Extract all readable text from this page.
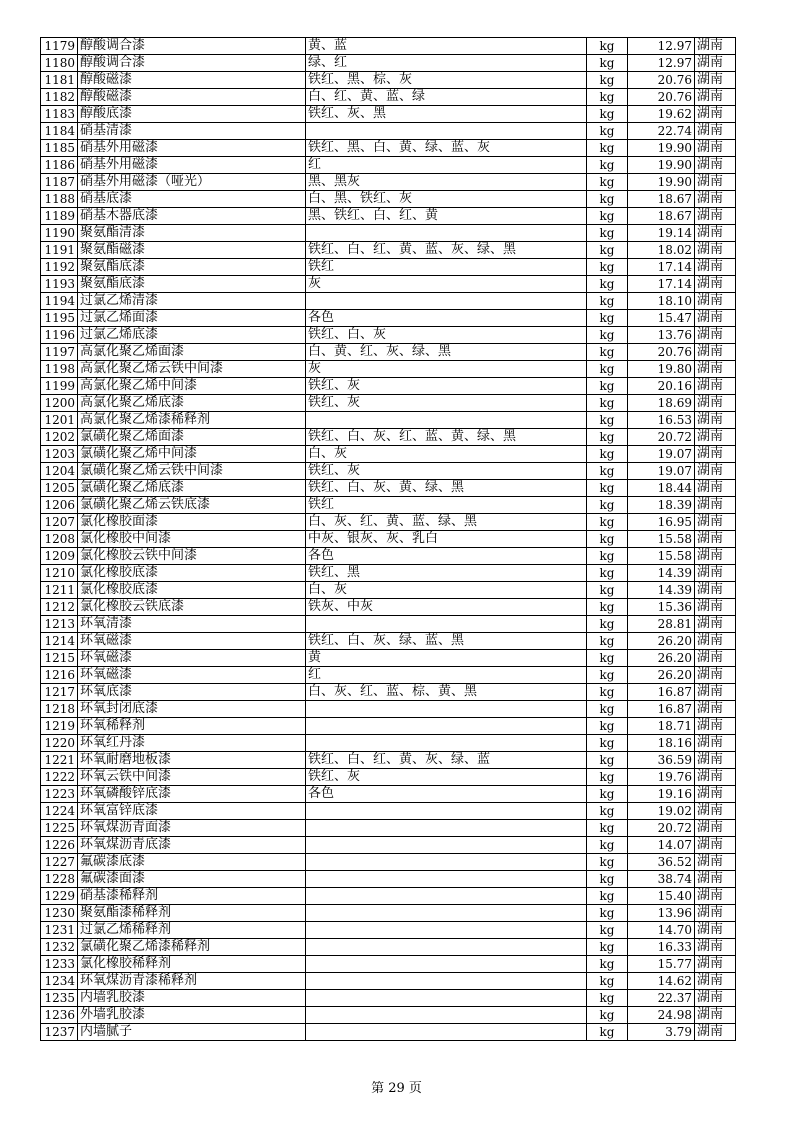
1179	醇酸调合漆	黄、蓝	kg	12.97	湖南
1180	醇酸调合漆	绿、红	kg	12.97	湖南
1181	醇酸磁漆	铁红、黑、棕、灰	kg	20.76	湖南
1182	醇酸磁漆	白、红、黄、蓝、绿	kg	20.76	湖南
1183	醇酸底漆	铁红、灰、黑	kg	19.62	湖南
1184	硝基清漆		kg	22.74	湖南
1185	硝基外用磁漆	铁红、黑、白、黄、绿、蓝、灰	kg	19.90	湖南
1186	硝基外用磁漆	红	kg	19.90	湖南
1187	硝基外用磁漆（哑光）	黑、黑灰	kg	19.90	湖南
1188	硝基底漆	白、黑、铁红、灰	kg	18.67	湖南
1189	硝基木器底漆	黑、铁红、白、红、黄	kg	18.67	湖南
1190	聚氨酯清漆		kg	19.14	湖南
1191	聚氨酯磁漆	铁红、白、红、黄、蓝、灰、绿、黑	kg	18.02	湖南
1192	聚氨酯底漆	铁红	kg	17.14	湖南
1193	聚氨酯底漆	灰	kg	17.14	湖南
1194	过氯乙烯清漆		kg	18.10	湖南
1195	过氯乙烯面漆	各色	kg	15.47	湖南
1196	过氯乙烯底漆	铁红、白、灰	kg	13.76	湖南
1197	高氯化聚乙烯面漆	白、黄、红、灰、绿、黑	kg	20.76	湖南
1198	高氯化聚乙烯云铁中间漆	灰	kg	19.80	湖南
1199	高氯化聚乙烯中间漆	铁红、灰	kg	20.16	湖南
1200	高氯化聚乙烯底漆	铁红、灰	kg	18.69	湖南
1201	高氯化聚乙烯漆稀释剂		kg	16.53	湖南
1202	氯磺化聚乙烯面漆	铁红、白、灰、红、蓝、黄、绿、黑	kg	20.72	湖南
1203	氯磺化聚乙烯中间漆	白、灰	kg	19.07	湖南
1204	氯磺化聚乙烯云铁中间漆	铁红、灰	kg	19.07	湖南
1205	氯磺化聚乙烯底漆	铁红、白、灰、黄、绿、黑	kg	18.44	湖南
1206	氯磺化聚乙烯云铁底漆	铁红	kg	18.39	湖南
1207	氯化橡胶面漆	白、灰、红、黄、蓝、绿、黑	kg	16.95	湖南
1208	氯化橡胶中间漆	中灰、银灰、灰、乳白	kg	15.58	湖南
1209	氯化橡胶云铁中间漆	各色	kg	15.58	湖南
1210	氯化橡胶底漆	铁红、黑	kg	14.39	湖南
1211	氯化橡胶底漆	白、灰	kg	14.39	湖南
1212	氯化橡胶云铁底漆	铁灰、中灰	kg	15.36	湖南
1213	环氧清漆		kg	28.81	湖南
1214	环氧磁漆	铁红、白、灰、绿、蓝、黑	kg	26.20	湖南
1215	环氧磁漆	黄	kg	26.20	湖南
1216	环氧磁漆	红	kg	26.20	湖南
1217	环氧底漆	白、灰、红、蓝、棕、黄、黑	kg	16.87	湖南
1218	环氧封闭底漆		kg	16.87	湖南
1219	环氧稀释剂		kg	18.71	湖南
1220	环氧红丹漆		kg	18.16	湖南
1221	环氧耐磨地板漆	铁红、白、红、黄、灰、绿、蓝	kg	36.59	湖南
1222	环氧云铁中间漆	铁红、灰	kg	19.76	湖南
1223	环氧磷酸锌底漆	各色	kg	19.16	湖南
1224	环氧富锌底漆		kg	19.02	湖南
1225	环氧煤沥青面漆		kg	20.72	湖南
1226	环氧煤沥青底漆		kg	14.07	湖南
1227	氟碳漆底漆		kg	36.52	湖南
1228	氟碳漆面漆		kg	38.74	湖南
1229	硝基漆稀释剂		kg	15.40	湖南
1230	聚氨酯漆稀释剂		kg	13.96	湖南
1231	过氯乙烯稀释剂		kg	14.70	湖南
1232	氯磺化聚乙烯漆稀释剂		kg	16.33	湖南
1233	氯化橡胶稀释剂		kg	15.77	湖南
1234	环氧煤沥青漆稀释剂		kg	14.62	湖南
1235	内墙乳胶漆		kg	22.37	湖南
1236	外墙乳胶漆		kg	24.98	湖南
1237	内墙腻子		kg	3.79	湖南
第 29 页
